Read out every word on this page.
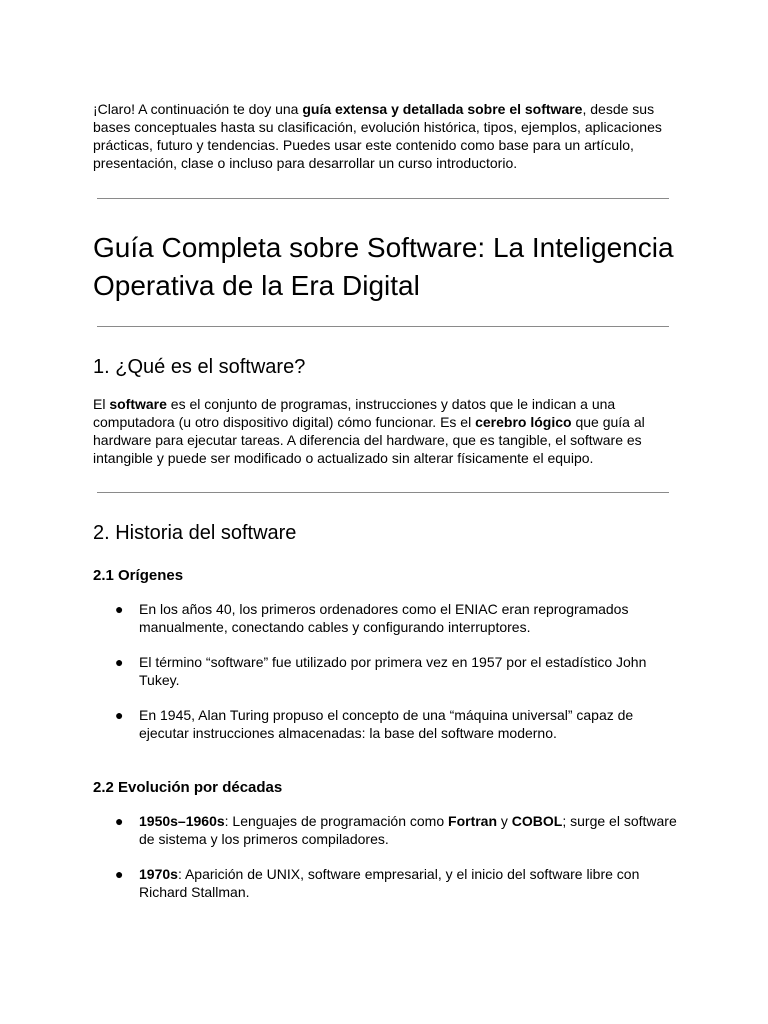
¡Claro! A continuación te doy una guía extensa y detallada sobre el software, desde sus bases conceptuales hasta su clasificación, evolución histórica, tipos, ejemplos, aplicaciones prácticas, futuro y tendencias. Puedes usar este contenido como base para un artículo, presentación, clase o incluso para desarrollar un curso introductorio.

Guía Completa sobre Software: La Inteligencia Operativa de la Era Digital
1. ¿Qué es el software?

El software es el conjunto de programas, instrucciones y datos que le indican a una computadora (u otro dispositivo digital) cómo funcionar. Es el cerebro lógico que guía al hardware para ejecutar tareas. A diferencia del hardware, que es tangible, el software es intangible y puede ser modificado o actualizado sin alterar físicamente el equipo.

2. Historia del software
2.1 Orígenes
● En los años 40, los primeros ordenadores como el ENIAC eran reprogramados manualmente, conectando cables y configurando interruptores.
● El término “software” fue utilizado por primera vez en 1957 por el estadístico John Tukey.
● En 1945, Alan Turing propuso el concepto de una “máquina universal” capaz de ejecutar instrucciones almacenadas: la base del software moderno.
2.2 Evolución por décadas
● 1950s–1960s: Lenguajes de programación como Fortran y COBOL; surge el software de sistema y los primeros compiladores.
● 1970s: Aparición de UNIX, software empresarial, y el inicio del software libre con Richard Stallman.
